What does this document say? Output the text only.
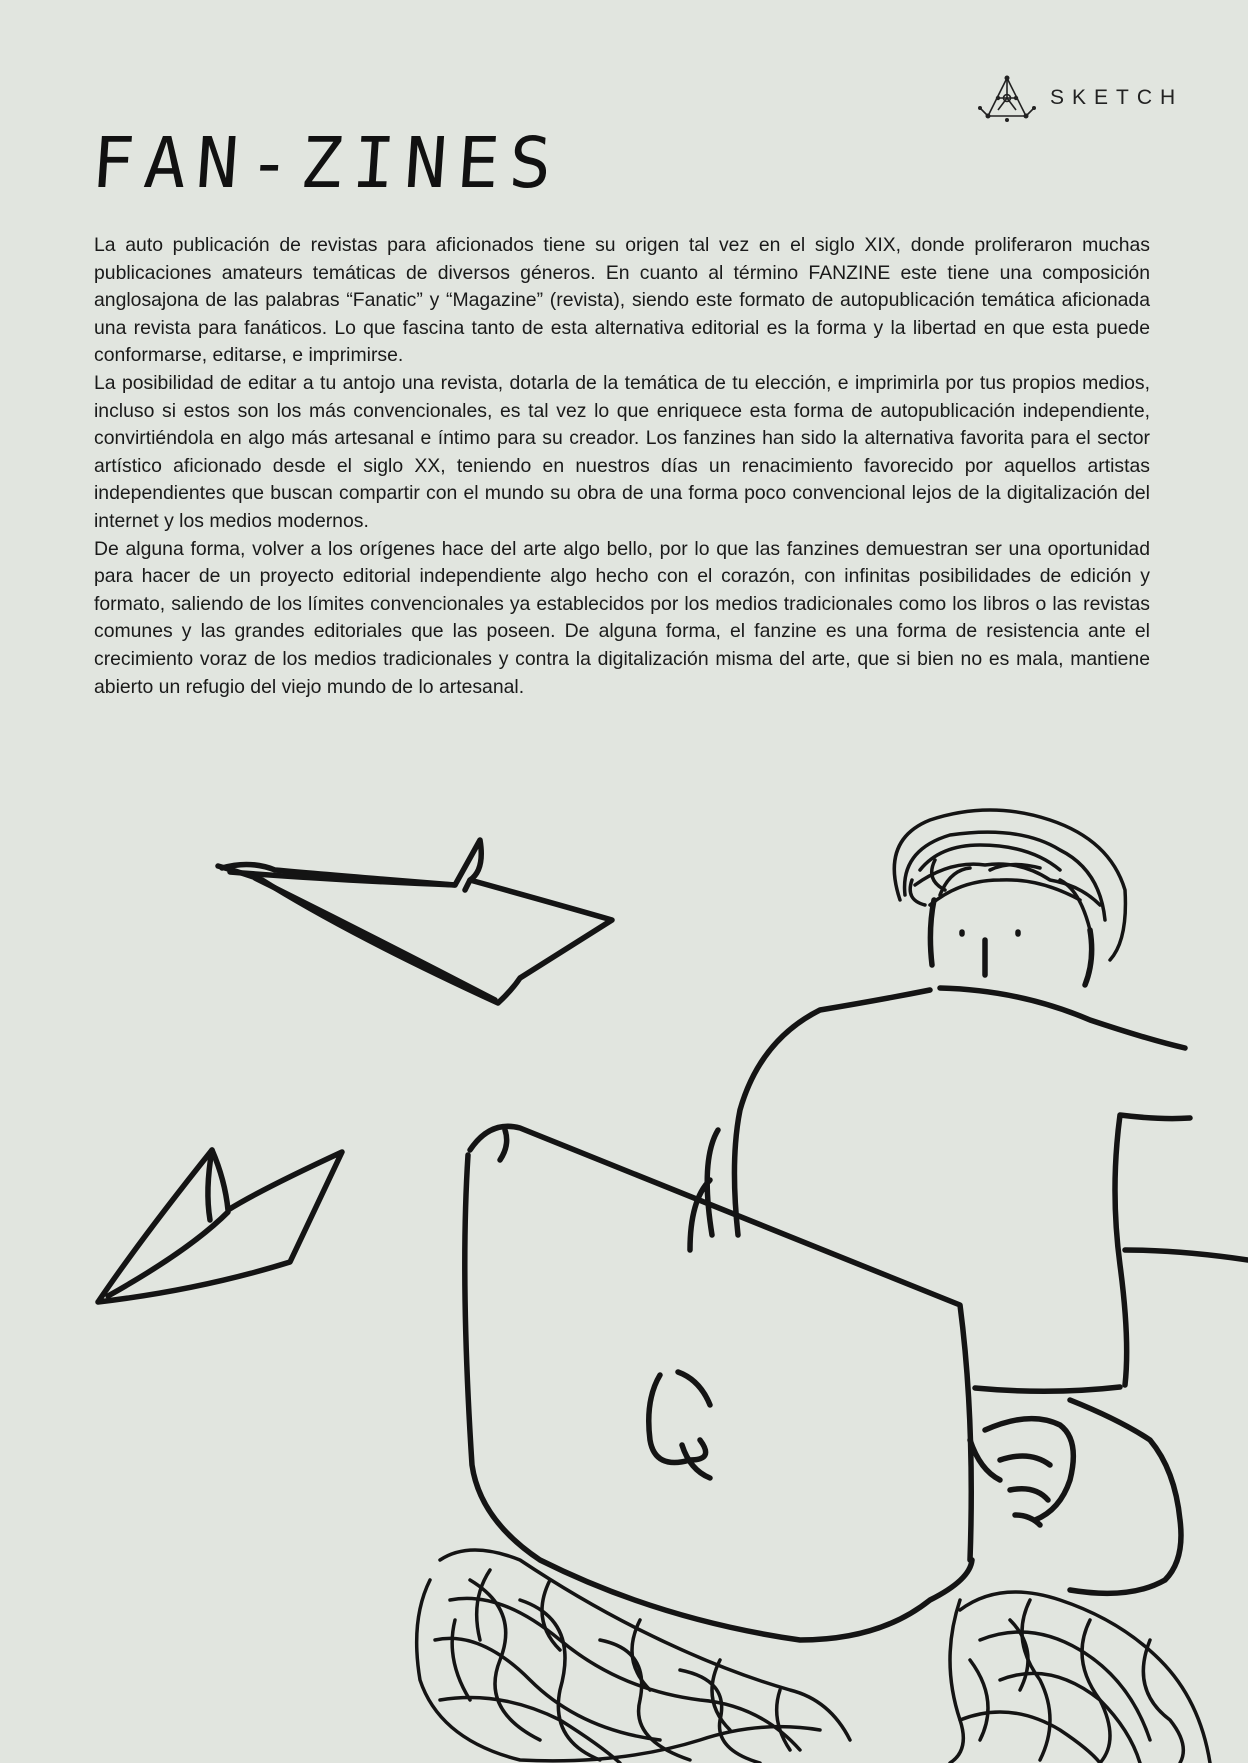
SKETCH
FAN-ZINES

La auto publicación de revistas para aficionados tiene su origen tal vez en el siglo XIX, donde proliferaron muchas publicaciones amateurs temáticas de diversos géneros. En cuanto al término FANZINE este tiene una composición anglosajona de las palabras “Fanatic” y “Magazine” (revista), siendo este formato de autopublicación temática aficionada una revista para fanáticos. Lo que fascina tanto de esta alternativa editorial es la forma y la libertad en que esta puede conformarse, editarse, e imprimirse.

La posibilidad de editar a tu antojo una revista, dotarla de la temática de tu elección, e imprimirla por tus propios medios, incluso si estos son los más convencionales, es tal vez lo que enriquece esta forma de autopublicación independiente, convirtiéndola en algo más artesanal e íntimo para su creador. Los fanzines han sido la alternativa favorita para el sector artístico aficionado desde el siglo XX, teniendo en nuestros días un renacimiento favorecido por aquellos artistas independientes que buscan compartir con el mundo su obra de una forma poco convencional lejos de la digitalización del internet y los medios modernos.

De alguna forma, volver a los orígenes hace del arte algo bello, por lo que las fanzines demuestran ser una oportunidad para hacer de un proyecto editorial independiente algo hecho con el corazón, con infinitas posibilidades de edición y formato, saliendo de los límites convencionales ya establecidos por los medios tradicionales como los libros o las revistas comunes y las grandes editoriales que las poseen. De alguna forma, el fanzine es una forma de resistencia ante el crecimiento voraz de los medios tradicionales y contra la digitalización misma del arte, que si bien no es mala, mantiene abierto un refugio del viejo mundo de lo artesanal.
